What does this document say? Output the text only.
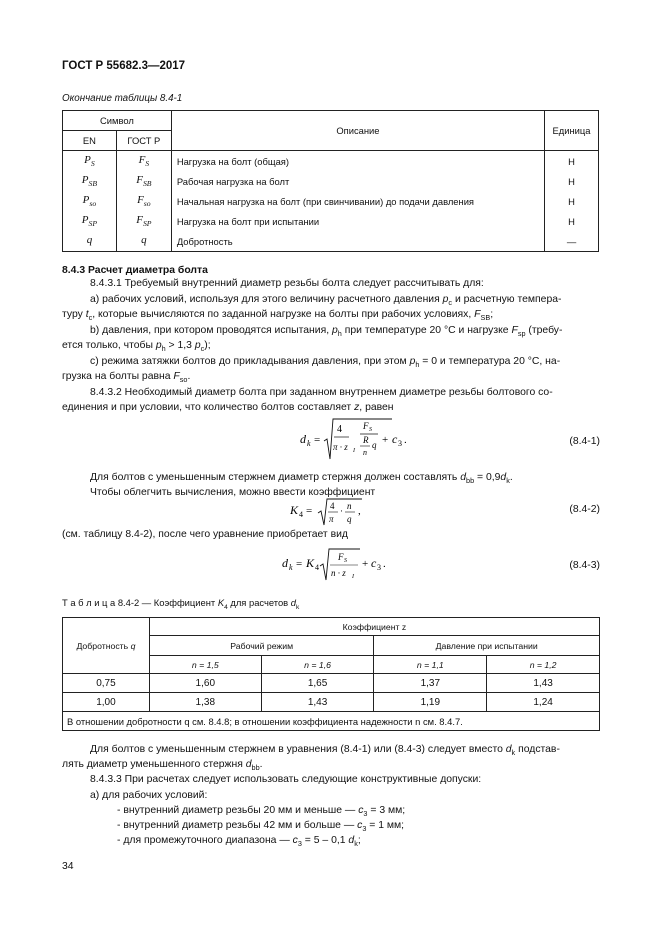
ГОСТ Р 55682.3—2017
Окончание таблицы 8.4-1
Символ		Описание	Единица
EN	ГОСТ Р		
$P_S$	$F_S$	Нагрузка на болт (общая)	Н
$P_{SB}$	$F_{SB}$	Рабочая нагрузка на болт	Н
$P_{so}$	$F_{so}$	Начальная нагрузка на болт (при свинчивании) до подачи давления	Н
$P_{SP}$	$F_{SP}$	Нагрузка на болт при испытании	Н
q	q	Добротность	—
8.4.3 Расчет диаметра болта
8.4.3.1 Требуемый внутренний диаметр резьбы болта следует рассчитывать для:
а) рабочих условий, используя для этого величину расчетного давления $p_c$ и расчетную темпера-
туру $t_c$, которые вычисляются по заданной нагрузке на болты при рабочих условиях, $F_{SB}$;
b) давления, при котором проводятся испытания, $p_h$ при температуре 20 °С и нагрузке $F_{sp}$ (требу-
ется только, чтобы $p_h > 1,3$ $p_c$);
с) режима затяжки болтов до прикладывания давления, при этом $p_h = 0$ и температура 20 °С, на-
грузка на болты равна $F_{so}$.
8.4.3.2 Необходимый диаметр болта при заданном внутреннем диаметре резьбы болтового со-
единения и при условии, что количество болтов составляет z, равен
d k =
4
π · z I
F S
R
n
q + c 3 .	(8.4-1)
Для болтов с уменьшенным стержнем диаметр стержня должен составлять $d_{bb} = 0,9d_k$.
Чтобы облегчить вычисления, можно ввести коэффициент
K 4 = 4
π
· n
q
,	(8.4-2)
(см. таблицу 8.4-2), после чего уравнение приобретает вид
d k = K 4
F S
n · z I
+ c 3 .	(8.4-3)
Т а б л и ц а 8.4-2 — Коэффициент $K_4$ для расчетов $d_k$
Добротность q	Коэффициент z			
	Рабочий режим		Давление при испытании	
	n = 1,5	n = 1,6	n = 1,1	n = 1,2
0,75	1,60	1,65	1,37	1,43
1,00	1,38	1,43	1,19	1,24
В отношении добротности q см. 8.4.8; в отношении коэффициента надежности n см. 8.4.7.				
Для болтов с уменьшенным стержнем в уравнения (8.4-1) или (8.4-3) следует вместо $d_k$ подстав-
лять диаметр уменьшенного стержня $d_{bb}$.
8.4.3.3 При расчетах следует использовать следующие конструктивные допуски:
а) для рабочих условий:
- внутренний диаметр резьбы 20 мм и меньше — $c_3 = 3$ мм;
- внутренний диаметр резьбы 42 мм и больше — $c_3 = 1$ мм;
- для промежуточного диапазона — $c_3 = 5 - 0,1$ $d_k$;
34
